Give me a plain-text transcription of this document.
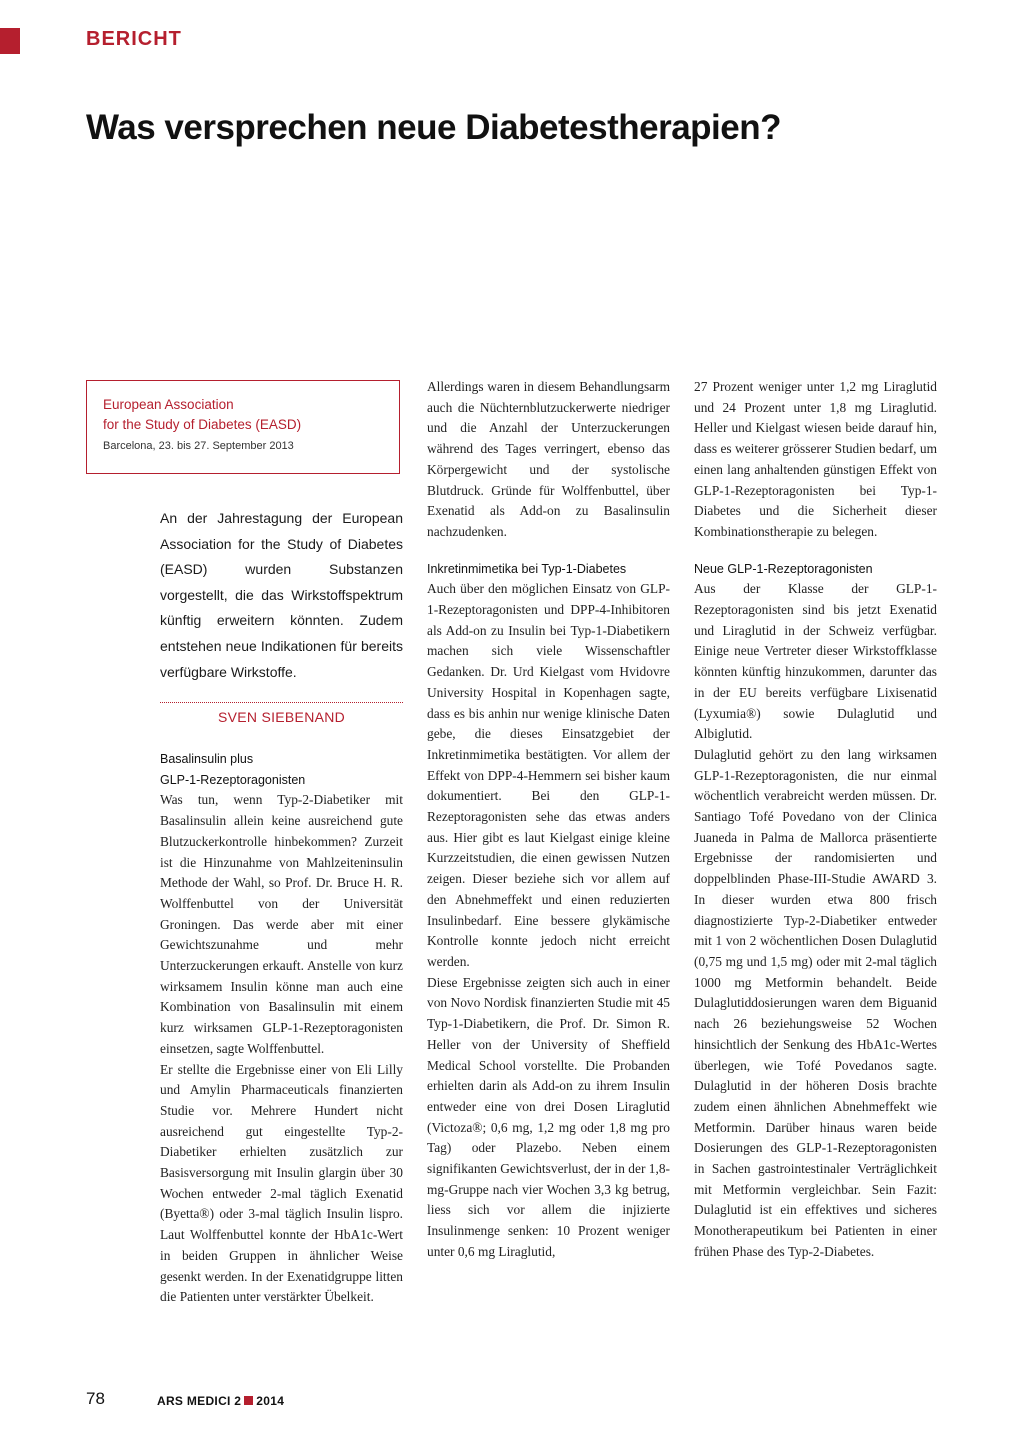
BERICHT
Was versprechen neue Diabetestherapien?
European Association
for the Study of Diabetes (EASD)
Barcelona, 23. bis 27. September 2013

An der Jahrestagung der European Association for the Study of Diabetes (EASD) wurden Substanzen vorgestellt, die das Wirkstoffspektrum künftig erweitern könnten. Zudem entstehen neue Indikationen für bereits verfügbare Wirkstoffe.

SVEN SIEBENAND
Basalinsulin plus
GLP-1-Rezeptoragonisten

Was tun, wenn Typ-2-Diabetiker mit Basalinsulin allein keine ausreichend gute Blutzuckerkontrolle hinbekommen? Zurzeit ist die Hinzunahme von Mahlzeiteninsulin Methode der Wahl, so Prof. Dr. Bruce H. R. Wolffenbuttel von der Universität Groningen. Das werde aber mit einer Gewichtszunahme und mehr Unterzuckerungen erkauft. Anstelle von kurz wirksamem Insulin könne man auch eine Kombination von Basalinsulin mit einem kurz wirksamen GLP-1-Rezeptoragonisten einsetzen, sagte Wolffenbuttel.

Er stellte die Ergebnisse einer von Eli Lilly und Amylin Pharmaceuticals finanzierten Studie vor. Mehrere Hundert nicht ausreichend gut eingestellte Typ-2-Diabetiker erhielten zusätzlich zur Basisversorgung mit Insulin glargin über 30 Wochen entweder 2-mal täglich Exenatid (Byetta®) oder 3-mal täglich Insulin lispro. Laut Wolffenbuttel konnte der HbA1c-Wert in beiden Gruppen in ähnlicher Weise gesenkt werden. In der Exenatidgruppe litten die Patienten unter verstärkter Übelkeit.

Allerdings waren in diesem Behandlungsarm auch die Nüchternblutzuckerwerte niedriger und die Anzahl der Unterzuckerungen während des Tages verringert, ebenso das Körpergewicht und der systolische Blutdruck. Gründe für Wolffenbuttel, über Exenatid als Add-on zu Basalinsulin nachzudenken.

Inkretinmimetika bei Typ-1-Diabetes

Auch über den möglichen Einsatz von GLP-1-Rezeptoragonisten und DPP-4-Inhibitoren als Add-on zu Insulin bei Typ-1-Diabetikern machen sich viele Wissenschaftler Gedanken. Dr. Urd Kielgast vom Hvidovre University Hospital in Kopenhagen sagte, dass es bis anhin nur wenige klinische Daten gebe, die dieses Einsatzgebiet der Inkretinmimetika bestätigten. Vor allem der Effekt von DPP-4-Hemmern sei bisher kaum dokumentiert. Bei den GLP-1-Rezeptoragonisten sehe das etwas anders aus. Hier gibt es laut Kielgast einige kleine Kurzzeitstudien, die einen gewissen Nutzen zeigen. Dieser beziehe sich vor allem auf den Abnehmeffekt und einen reduzierten Insulinbedarf. Eine bessere glykämische Kontrolle konnte jedoch nicht erreicht werden.

Diese Ergebnisse zeigten sich auch in einer von Novo Nordisk finanzierten Studie mit 45 Typ-1-Diabetikern, die Prof. Dr. Simon R. Heller von der University of Sheffield Medical School vorstellte. Die Probanden erhielten darin als Add-on zu ihrem Insulin entweder eine von drei Dosen Liraglutid (Victoza®; 0,6 mg, 1,2 mg oder 1,8 mg pro Tag) oder Plazebo. Neben einem signifikanten Gewichtsverlust, der in der 1,8-mg-Gruppe nach vier Wochen 3,3 kg betrug, liess sich vor allem die injizierte Insulinmenge senken: 10 Prozent weniger unter 0,6 mg Liraglutid,

27 Prozent weniger unter 1,2 mg Liraglutid und 24 Prozent unter 1,8 mg Liraglutid. Heller und Kielgast wiesen beide darauf hin, dass es weiterer grösserer Studien bedarf, um einen lang anhaltenden günstigen Effekt von GLP-1-Rezeptoragonisten bei Typ-1-Diabetes und die Sicherheit dieser Kombinationstherapie zu belegen.

Neue GLP-1-Rezeptoragonisten

Aus der Klasse der GLP-1-Rezeptoragonisten sind bis jetzt Exenatid und Liraglutid in der Schweiz verfügbar. Einige neue Vertreter dieser Wirkstoffklasse könnten künftig hinzukommen, darunter das in der EU bereits verfügbare Lixisenatid (Lyxumia®) sowie Dulaglutid und Albiglutid.

Dulaglutid gehört zu den lang wirksamen GLP-1-Rezeptoragonisten, die nur einmal wöchentlich verabreicht werden müssen. Dr. Santiago Tofé Povedano von der Clinica Juaneda in Palma de Mallorca präsentierte Ergebnisse der randomisierten und doppelblinden Phase-III-Studie AWARD 3. In dieser wurden etwa 800 frisch diagnostizierte Typ-2-Diabetiker entweder mit 1 von 2 wöchentlichen Dosen Dulaglutid (0,75 mg und 1,5 mg) oder mit 2-mal täglich 1000 mg Metformin behandelt. Beide Dulaglutiddosierungen waren dem Biguanid nach 26 beziehungsweise 52 Wochen hinsichtlich der Senkung des HbA1c-Wertes überlegen, wie Tofé Povedanos sagte. Dulaglutid in der höheren Dosis brachte zudem einen ähnlichen Abnehmeffekt wie Metformin. Darüber hinaus waren beide Dosierungen des GLP-1-Rezeptoragonisten in Sachen gastrointestinaler Verträglichkeit mit Metformin vergleichbar. Sein Fazit: Dulaglutid ist ein effektives und sicheres Monotherapeutikum bei Patienten in einer frühen Phase des Typ-2-Diabetes.

78	ARS MEDICI 2 2014
